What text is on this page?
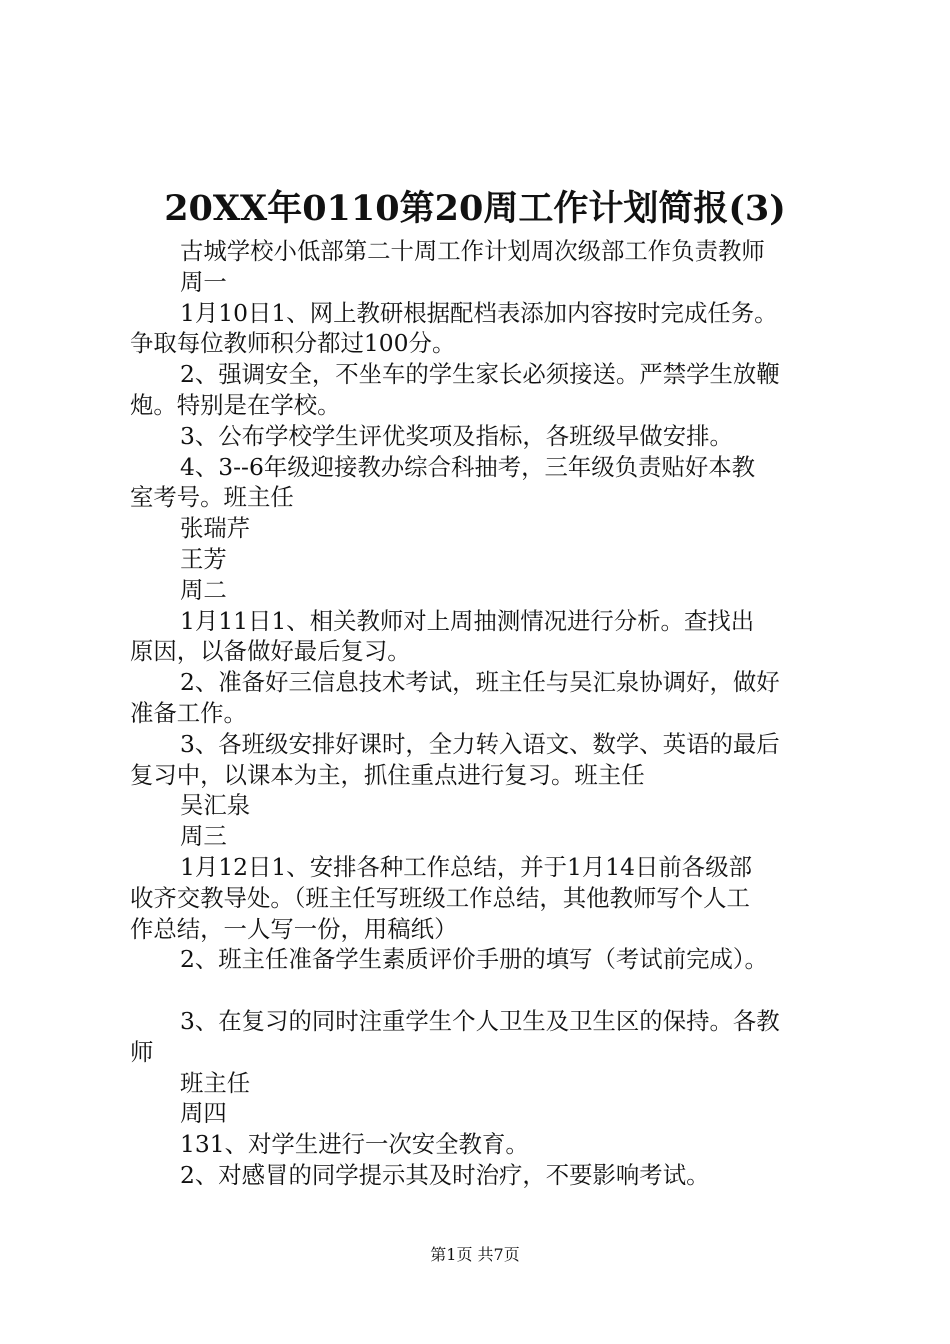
20XX年0110第20周工作计划简报(3)
古城学校小低部第二十周工作计划周次级部工作负责教师
周一
1月10日1、网上教研根据配档表添加内容按时完成任务。
争取每位教师积分都过100分。
2、强调安全，不坐车的学生家长必须接送。严禁学生放鞭
炮。特别是在学校。
3、公布学校学生评优奖项及指标，各班级早做安排。
4、3--6年级迎接教办综合科抽考，三年级负责贴好本教
室考号。班主任
张瑞芹
王芳
周二
1月11日1、相关教师对上周抽测情况进行分析。查找出
原因，以备做好最后复习。
2、准备好三信息技术考试，班主任与吴汇泉协调好，做好
准备工作。
3、各班级安排好课时，全力转入语文、数学、英语的最后
复习中，以课本为主，抓住重点进行复习。班主任
吴汇泉
周三
1月12日1、安排各种工作总结，并于1月14日前各级部
收齐交教导处。（班主任写班级工作总结，其他教师写个人工
作总结，一人写一份，用稿纸）
2、班主任准备学生素质评价手册的填写（考试前完成）。
3、在复习的同时注重学生个人卫生及卫生区的保持。各教
师
班主任
周四
131、对学生进行一次安全教育。
2、对感冒的同学提示其及时治疗，不要影响考试。
第1页 共7页
